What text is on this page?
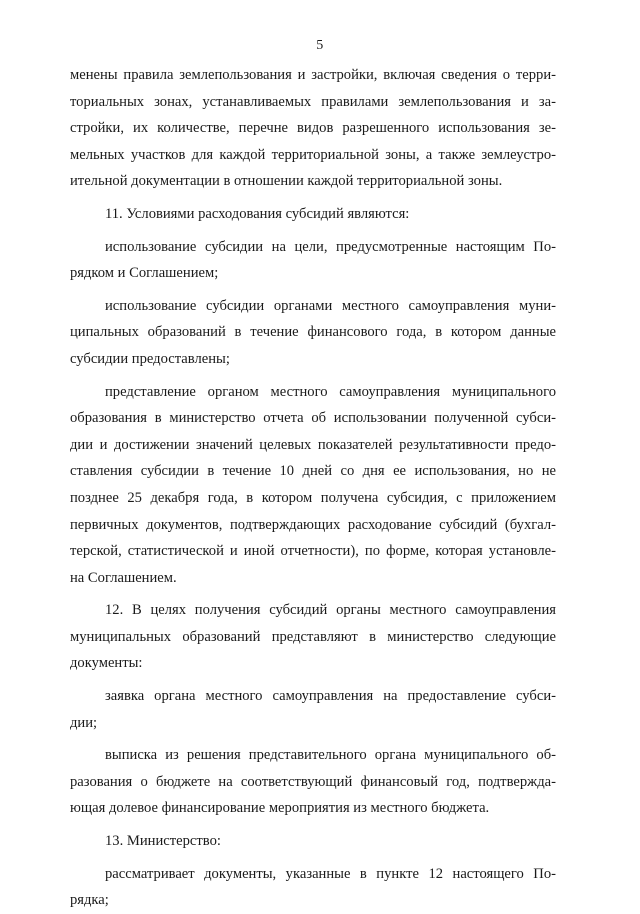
5
менены правила землепользования и застройки, включая сведения о терри-
ториальных зонах, устанавливаемых правилами землепользования и за-
стройки, их количестве, перечне видов разрешенного использования зе-
мельных участков для каждой территориальной зоны, а также землеустро-
ительной документации в отношении каждой территориальной зоны.
11. Условиями расходования субсидий являются:
использование субсидии на цели, предусмотренные настоящим По-
рядком и Соглашением;
использование субсидии органами местного самоуправления муни-
ципальных образований в течение финансового года, в котором данные
субсидии предоставлены;
представление органом местного самоуправления муниципального
образования в министерство отчета об использовании полученной субси-
дии и достижении значений целевых показателей результативности предо-
ставления субсидии в течение 10 дней со дня ее использования, но не
позднее 25 декабря года, в котором получена субсидия, с приложением
первичных документов, подтверждающих расходование субсидий (бухгал-
терской, статистической и иной отчетности), по форме, которая установле-
на Соглашением.
12. В целях получения субсидий органы местного самоуправления
муниципальных образований представляют в министерство следующие
документы:
заявка органа местного самоуправления на предоставление субси-
дии;
выписка из решения представительного органа муниципального об-
разования о бюджете на соответствующий финансовый год, подтвержда-
ющая долевое финансирование мероприятия из местного бюджета.
13. Министерство:
рассматривает документы, указанные в пункте 12 настоящего По-
рядка;
